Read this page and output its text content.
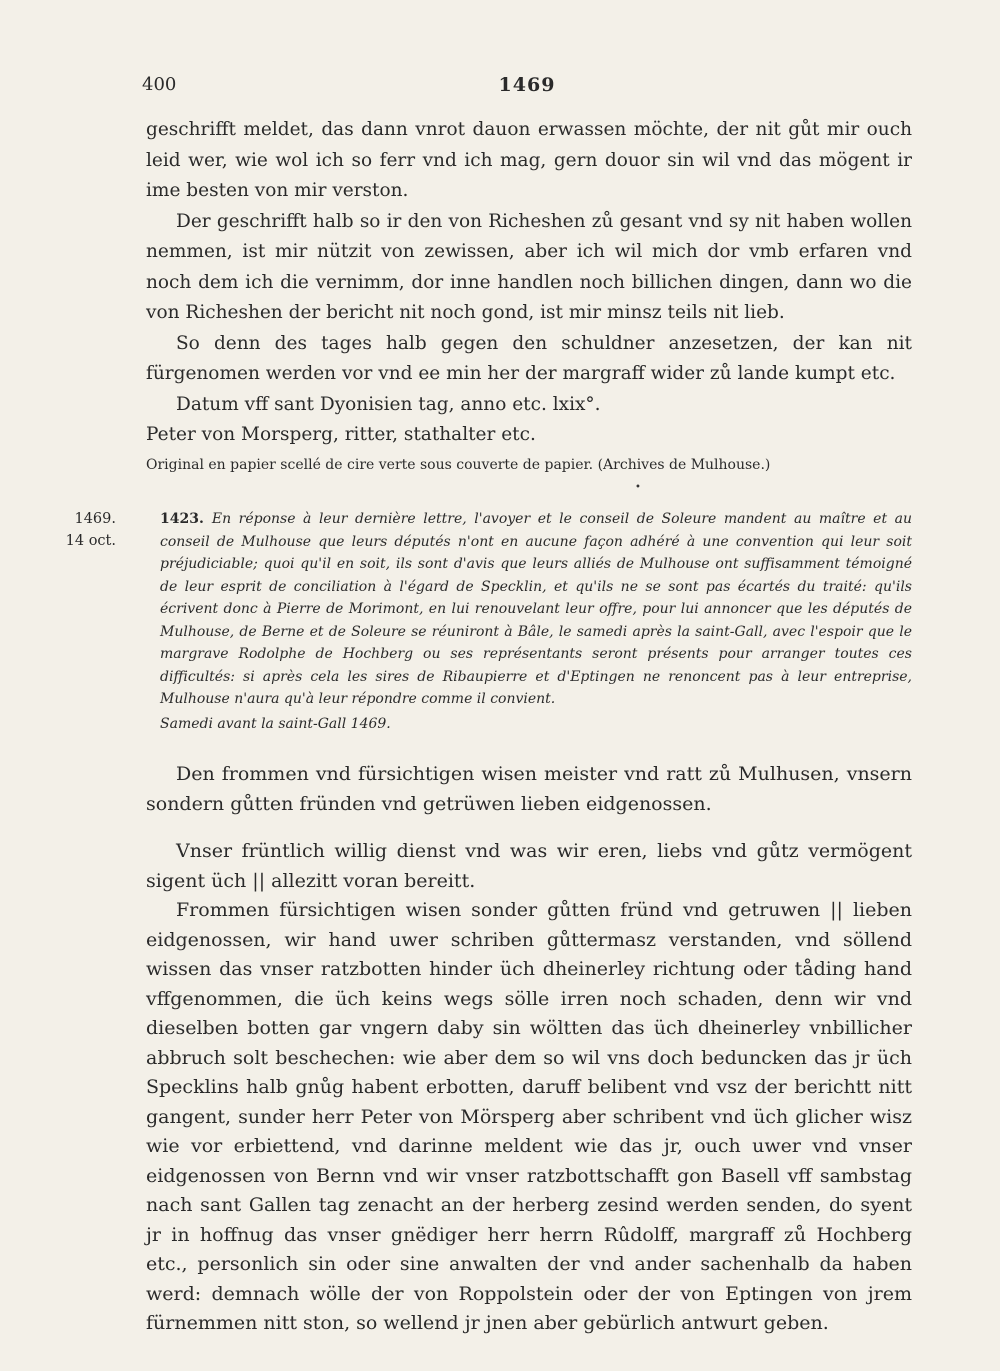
400	1469

geschrifft meldet, das dann vnrot dauon erwassen möchte, der nit gůt mir ouch leid wer, wie wol ich so ferr vnd ich mag, gern douor sin wil vnd das mögent ir ime besten von mir verston.

Der geschrifft halb so ir den von Richeshen zů gesant vnd sy nit haben wollen nemmen, ist mir nützit von zewissen, aber ich wil mich dor vmb erfaren vnd noch dem ich die vernimm, dor inne handlen noch billichen dingen, dann wo die von Richeshen der bericht nit noch gond, ist mir minsz teils nit lieb.

So denn des tages halb gegen den schuldner anzesetzen, der kan nit fürgenomen werden vor vnd ee min her der margraff wider zů lande kumpt etc.

Datum vff sant Dyonisien tag, anno etc. lxix°.

Peter von Morsperg, ritter, stathalter etc.

Original en papier scellé de cire verte sous couverte de papier. (Archives de Mulhouse.)

•
1469.
14 oct.
1423. En réponse à leur dernière lettre, l'avoyer et le conseil de Soleure mandent au maître et au conseil de Mulhouse que leurs députés n'ont en aucune façon adhéré à une convention qui leur soit préjudiciable; quoi qu'il en soit, ils sont d'avis que leurs alliés de Mulhouse ont suffisamment témoigné de leur esprit de conciliation à l'égard de Specklin, et qu'ils ne se sont pas écartés du traité: qu'ils écrivent donc à Pierre de Morimont, en lui renouvelant leur offre, pour lui annoncer que les députés de Mulhouse, de Berne et de Soleure se réuniront à Bâle, le samedi après la saint-Gall, avec l'espoir que le margrave Rodolphe de Hochberg ou ses représentants seront présents pour arranger toutes ces difficultés: si après cela les sires de Ribaupierre et d'Eptingen ne renoncent pas à leur entreprise, Mulhouse n'aura qu'à leur répondre comme il convient.
Samedi avant la saint-Gall 1469.

Den frommen vnd fürsichtigen wisen meister vnd ratt zů Mulhusen, vnsern sondern gůtten fründen vnd getrüwen lieben eidgenossen.

Vnser früntlich willig dienst vnd was wir eren, liebs vnd gůtz vermögent sigent üch || allezitt voran bereitt.

Frommen fürsichtigen wisen sonder gůtten fründ vnd getruwen || lieben eidgenossen, wir hand uwer schriben gůttermasz verstanden, vnd söllend wissen das vnser ratzbotten hinder üch dheinerley richtung oder tåding hand vffgenommen, die üch keins wegs sölle irren noch schaden, denn wir vnd dieselben botten gar vngern daby sin wöltten das üch dheinerley vnbillicher abbruch solt beschechen: wie aber dem so wil vns doch beduncken das jr üch Specklins halb gnůg habent erbotten, daruff belibent vnd vsz der berichtt nitt gangent, sunder herr Peter von Mörsperg aber schribent vnd üch glicher wisz wie vor erbiettend, vnd darinne meldent wie das jr, ouch uwer vnd vnser eidgenossen von Bernn vnd wir vnser ratzbottschafft gon Basell vff sambstag nach sant Gallen tag zenacht an der herberg zesind werden senden, do syent jr in hoffnug das vnser gnëdiger herr herrn Rûdolff, margraff zů Hochberg etc., personlich sin oder sine anwalten der vnd ander sachenhalb da haben werd: demnach wölle der von Roppolstein oder der von Eptingen von jrem fürnemmen nitt ston, so wellend jr jnen aber gebürlich antwurt geben.
